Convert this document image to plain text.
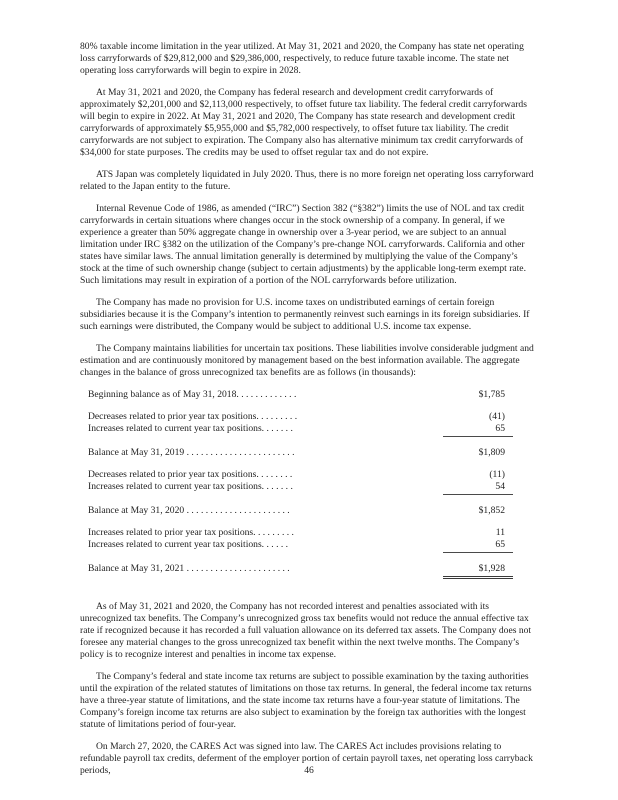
80% taxable income limitation in the year utilized. At May 31, 2021 and 2020, the Company has state net operating loss carryforwards of $29,812,000 and $29,386,000, respectively, to reduce future taxable income. The state net operating loss carryforwards will begin to expire in 2028.

At May 31, 2021 and 2020, the Company has federal research and development credit carryforwards of approximately $2,201,000 and $2,113,000 respectively, to offset future tax liability. The federal credit carryforwards will begin to expire in 2022. At May 31, 2021 and 2020, The Company has state research and development credit carryforwards of approximately $5,955,000 and $5,782,000 respectively, to offset future tax liability. The credit carryforwards are not subject to expiration. The Company also has alternative minimum tax credit carryforwards of $34,000 for state purposes. The credits may be used to offset regular tax and do not expire.

ATS Japan was completely liquidated in July 2020. Thus, there is no more foreign net operating loss carryforward related to the Japan entity to the future.

Internal Revenue Code of 1986, as amended (“IRC”) Section 382 (“§382”) limits the use of NOL and tax credit carryforwards in certain situations where changes occur in the stock ownership of a company. In general, if we experience a greater than 50% aggregate change in ownership over a 3-year period, we are subject to an annual limitation under IRC §382 on the utilization of the Company’s pre-change NOL carryforwards. California and other states have similar laws. The annual limitation generally is determined by multiplying the value of the Company’s stock at the time of such ownership change (subject to certain adjustments) by the applicable long-term exempt rate. Such limitations may result in expiration of a portion of the NOL carryforwards before utilization.

The Company has made no provision for U.S. income taxes on undistributed earnings of certain foreign subsidiaries because it is the Company’s intention to permanently reinvest such earnings in its foreign subsidiaries. If such earnings were distributed, the Company would be subject to additional U.S. income tax expense.

The Company maintains liabilities for uncertain tax positions. These liabilities involve considerable judgment and estimation and are continuously monitored by management based on the best information available. The aggregate changes in the balance of gross unrecognized tax benefits are as follows (in thousands):

Beginning balance as of May 31, 2018. . . . . . . . . . . . .	$1,785
Decreases related to prior year tax positions. . . . . . . . .	(41)
Increases related to current year tax positions. . . . . . .	65
Balance at May 31, 2019 . . . . . . . . . . . . . . . . . . . . . . .	$1,809
Decreases related to prior year tax positions. . . . . . . .	(11)
Increases related to current year tax positions. . . . . . .	54
Balance at May 31, 2020 . . . . . . . . . . . . . . . . . . . . . .	$1,852
Increases related to prior year tax positions. . . . . . . . .	11
Increases related to current year tax positions. . . . . .	65
Balance at May 31, 2021 . . . . . . . . . . . . . . . . . . . . . .	$1,928

As of May 31, 2021 and 2020, the Company has not recorded interest and penalties associated with its unrecognized tax benefits. The Company’s unrecognized gross tax benefits would not reduce the annual effective tax rate if recognized because it has recorded a full valuation allowance on its deferred tax assets. The Company does not foresee any material changes to the gross unrecognized tax benefit within the next twelve months. The Company’s policy is to recognize interest and penalties in income tax expense.

The Company’s federal and state income tax returns are subject to possible examination by the taxing authorities until the expiration of the related statutes of limitations on those tax returns. In general, the federal income tax returns have a three-year statute of limitations, and the state income tax returns have a four-year statute of limitations. The Company’s foreign income tax returns are also subject to examination by the foreign tax authorities with the longest statute of limitations period of four-year.

On March 27, 2020, the CARES Act was signed into law. The CARES Act includes provisions relating to refundable payroll tax credits, deferment of the employer portion of certain payroll taxes, net operating loss carryback periods,	46
